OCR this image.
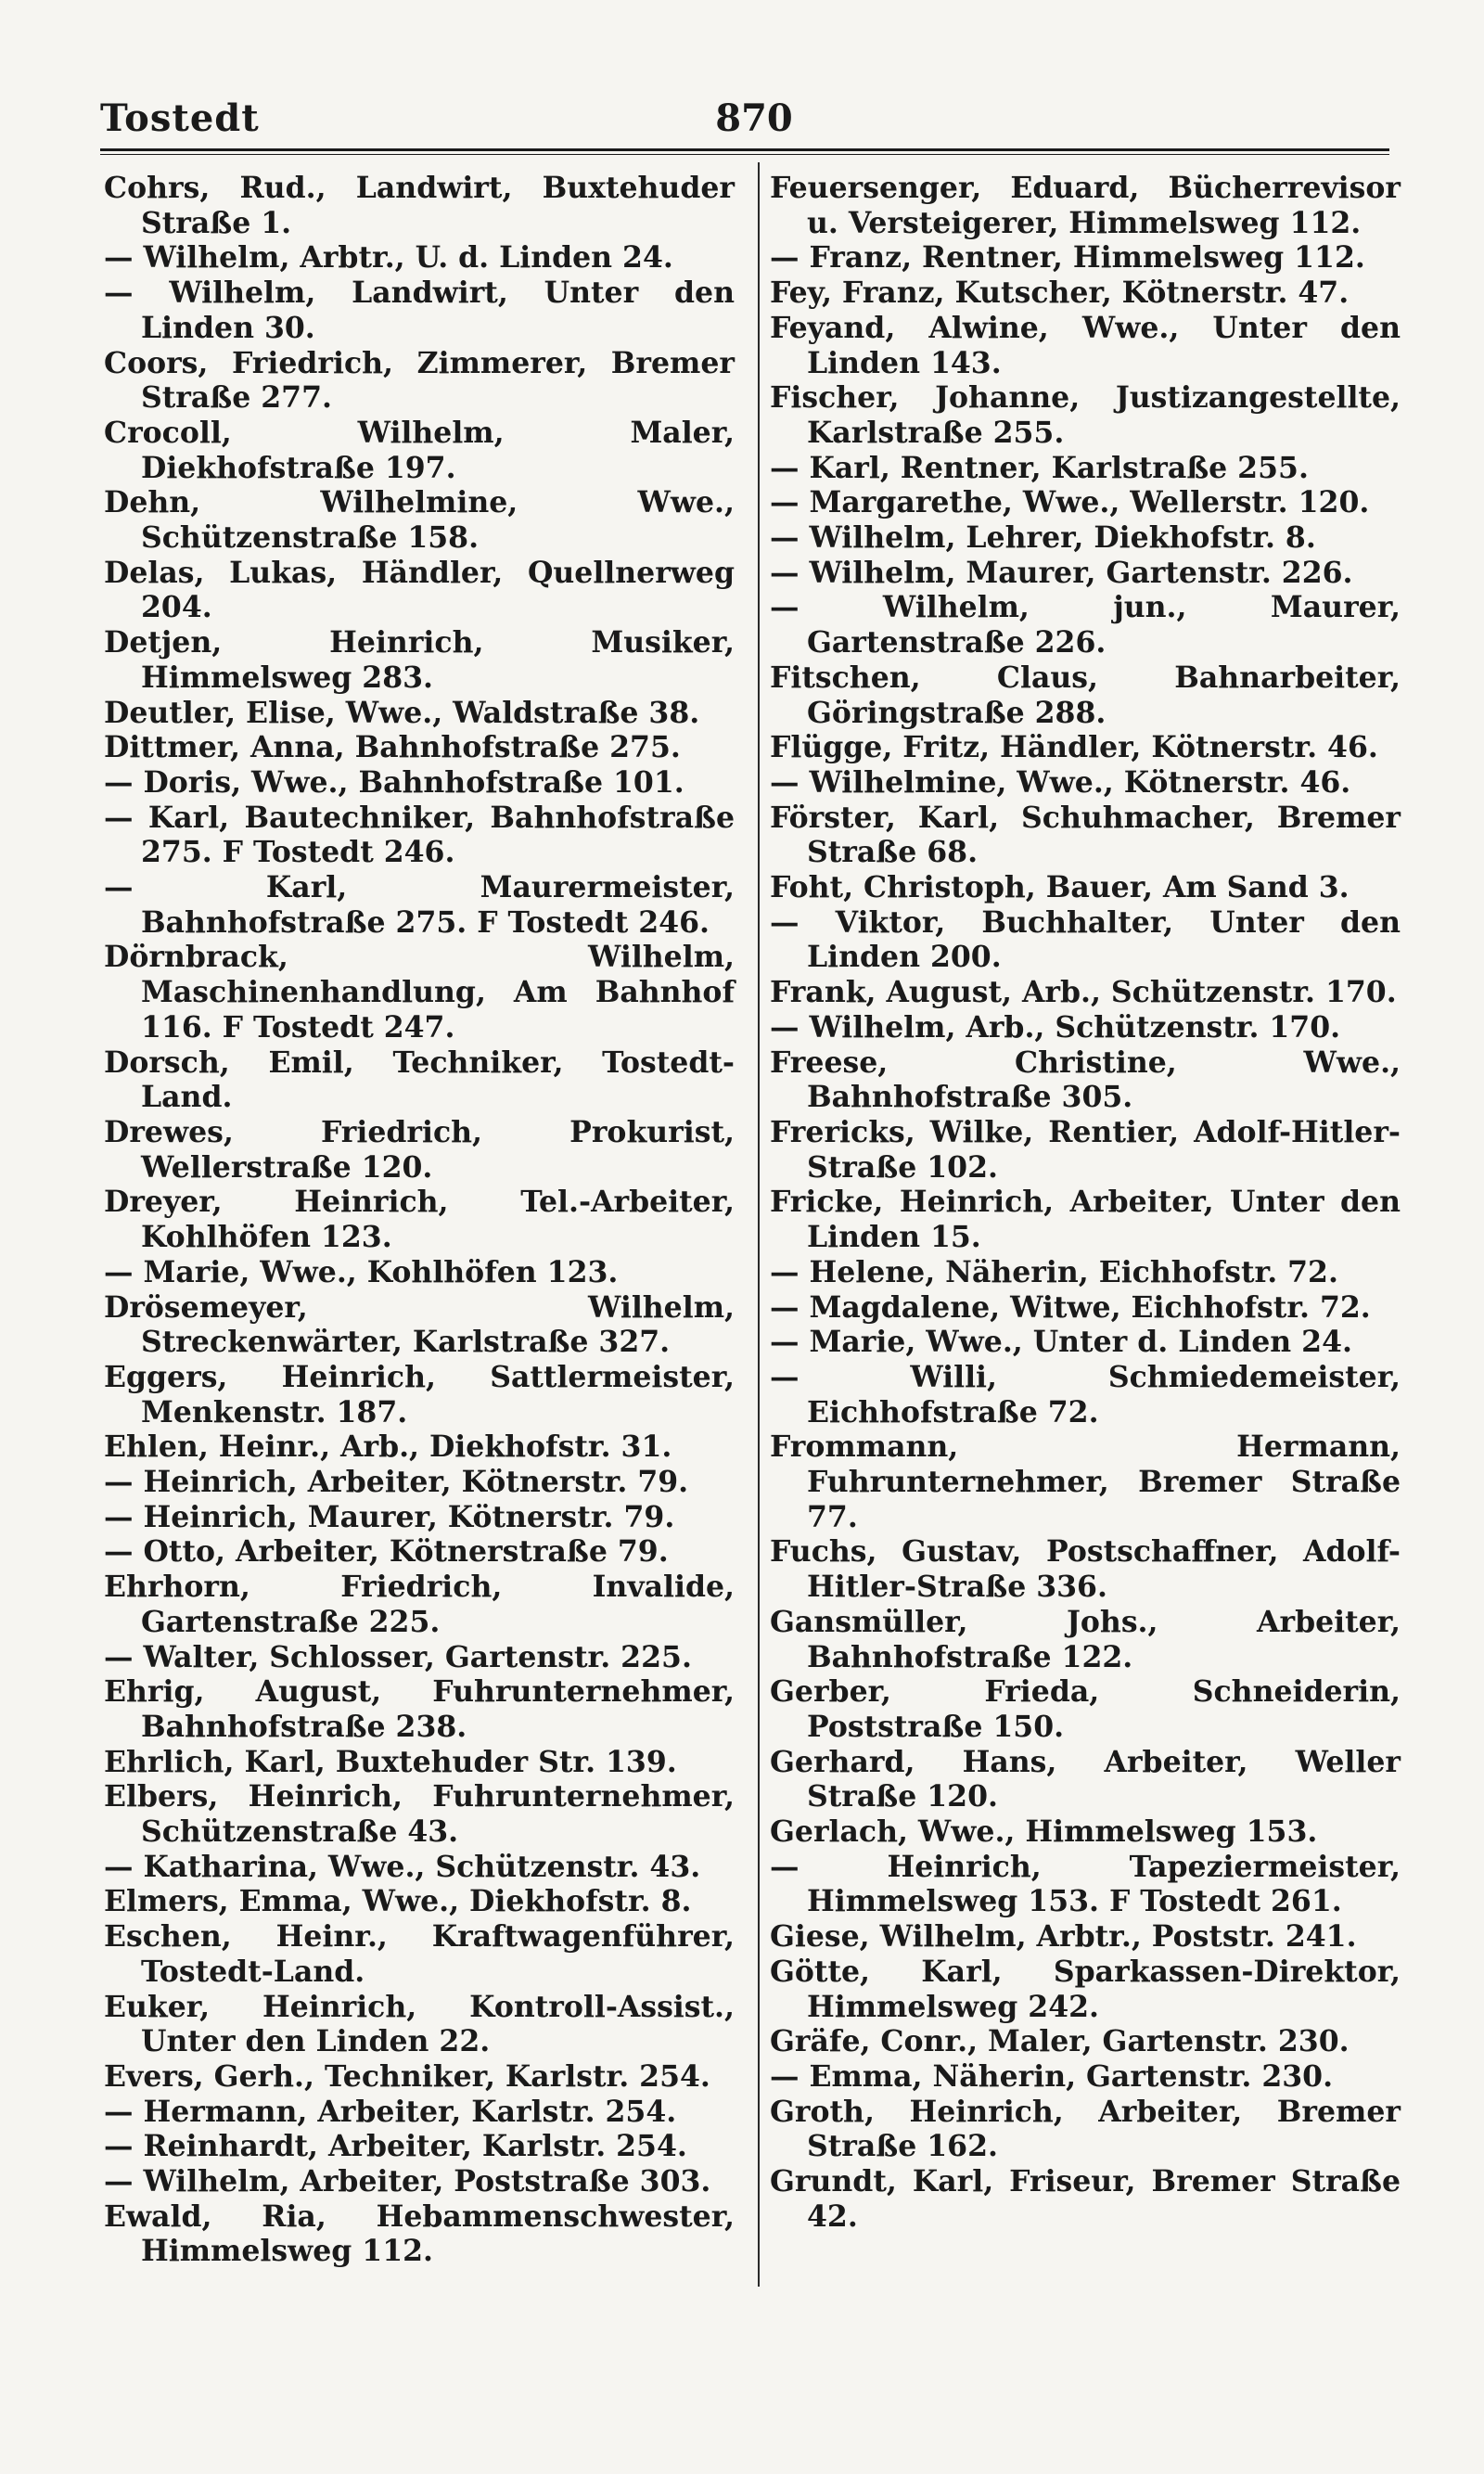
Tostedt	870
Cohrs, Rud., Landwirt, Buxtehuder Straße 1.
— Wilhelm, Arbtr., U. d. Linden 24.
— Wilhelm, Landwirt, Unter den Linden 30.
Coors, Friedrich, Zimmerer, Bremer Straße 277.
Crocoll, Wilhelm, Maler, Diekhofstraße 197.
Dehn, Wilhelmine, Wwe., Schützenstraße 158.
Delas, Lukas, Händler, Quellnerweg 204.
Detjen, Heinrich, Musiker, Himmelsweg 283.
Deutler, Elise, Wwe., Waldstraße 38.
Dittmer, Anna, Bahnhofstraße 275.
— Doris, Wwe., Bahnhofstraße 101.
— Karl, Bautechniker, Bahnhofstraße 275. F Tostedt 246.
— Karl, Maurermeister, Bahnhofstraße 275. F Tostedt 246.
Dörnbrack, Wilhelm, Maschinenhandlung, Am Bahnhof 116. F Tostedt 247.
Dorsch, Emil, Techniker, Tostedt-Land.
Drewes, Friedrich, Prokurist, Wellerstraße 120.
Dreyer, Heinrich, Tel.-Arbeiter, Kohlhöfen 123.
— Marie, Wwe., Kohlhöfen 123.
Drösemeyer, Wilhelm, Streckenwärter, Karlstraße 327.
Eggers, Heinrich, Sattlermeister, Menkenstr. 187.
Ehlen, Heinr., Arb., Diekhofstr. 31.
— Heinrich, Arbeiter, Kötnerstr. 79.
— Heinrich, Maurer, Kötnerstr. 79.
— Otto, Arbeiter, Kötnerstraße 79.
Ehrhorn, Friedrich, Invalide, Gartenstraße 225.
— Walter, Schlosser, Gartenstr. 225.
Ehrig, August, Fuhrunternehmer, Bahnhofstraße 238.
Ehrlich, Karl, Buxtehuder Str. 139.
Elbers, Heinrich, Fuhrunternehmer, Schützenstraße 43.
— Katharina, Wwe., Schützenstr. 43.
Elmers, Emma, Wwe., Diekhofstr. 8.
Eschen, Heinr., Kraftwagenführer, Tostedt-Land.
Euker, Heinrich, Kontroll-Assist., Unter den Linden 22.
Evers, Gerh., Techniker, Karlstr. 254.
— Hermann, Arbeiter, Karlstr. 254.
— Reinhardt, Arbeiter, Karlstr. 254.
— Wilhelm, Arbeiter, Poststraße 303.
Ewald, Ria, Hebammenschwester, Himmelsweg 112.
Feuersenger, Eduard, Bücherrevisor u. Versteigerer, Himmelsweg 112.
— Franz, Rentner, Himmelsweg 112.
Fey, Franz, Kutscher, Kötnerstr. 47.
Feyand, Alwine, Wwe., Unter den Linden 143.
Fischer, Johanne, Justizangestellte, Karlstraße 255.
— Karl, Rentner, Karlstraße 255.
— Margarethe, Wwe., Wellerstr. 120.
— Wilhelm, Lehrer, Diekhofstr. 8.
— Wilhelm, Maurer, Gartenstr. 226.
— Wilhelm, jun., Maurer, Gartenstraße 226.
Fitschen, Claus, Bahnarbeiter, Göringstraße 288.
Flügge, Fritz, Händler, Kötnerstr. 46.
— Wilhelmine, Wwe., Kötnerstr. 46.
Förster, Karl, Schuhmacher, Bremer Straße 68.
Foht, Christoph, Bauer, Am Sand 3.
— Viktor, Buchhalter, Unter den Linden 200.
Frank, August, Arb., Schützenstr. 170.
— Wilhelm, Arb., Schützenstr. 170.
Freese, Christine, Wwe., Bahnhofstraße 305.
Frericks, Wilke, Rentier, Adolf-Hitler-Straße 102.
Fricke, Heinrich, Arbeiter, Unter den Linden 15.
— Helene, Näherin, Eichhofstr. 72.
— Magdalene, Witwe, Eichhofstr. 72.
— Marie, Wwe., Unter d. Linden 24.
— Willi, Schmiedemeister, Eichhofstraße 72.
Frommann, Hermann, Fuhrunternehmer, Bremer Straße 77.
Fuchs, Gustav, Postschaffner, Adolf-Hitler-Straße 336.
Gansmüller, Johs., Arbeiter, Bahnhofstraße 122.
Gerber, Frieda, Schneiderin, Poststraße 150.
Gerhard, Hans, Arbeiter, Weller Straße 120.
Gerlach, Wwe., Himmelsweg 153.
— Heinrich, Tapeziermeister, Himmelsweg 153. F Tostedt 261.
Giese, Wilhelm, Arbtr., Poststr. 241.
Götte, Karl, Sparkassen-Direktor, Himmelsweg 242.
Gräfe, Conr., Maler, Gartenstr. 230.
— Emma, Näherin, Gartenstr. 230.
Groth, Heinrich, Arbeiter, Bremer Straße 162.
Grundt, Karl, Friseur, Bremer Straße 42.
